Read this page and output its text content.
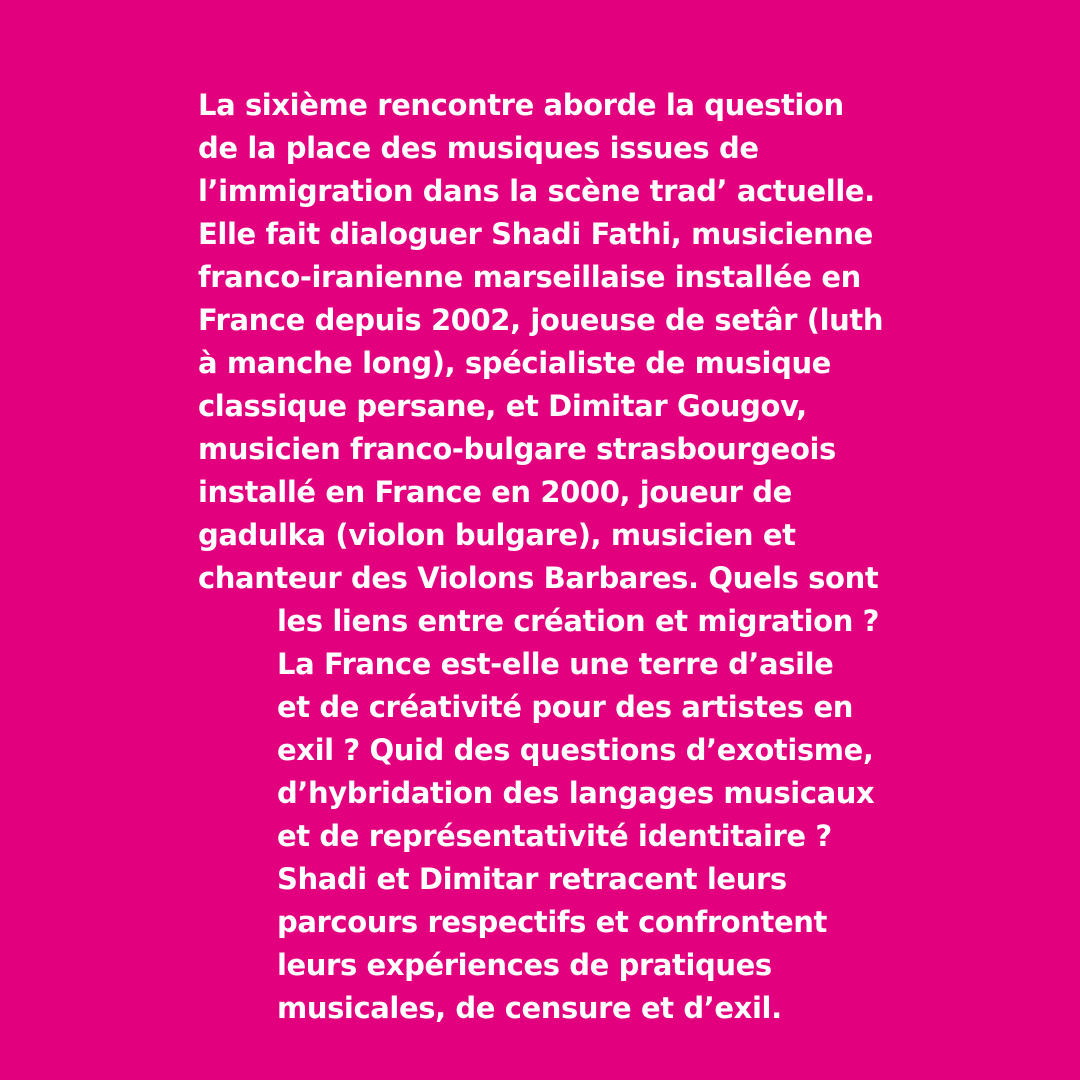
La sixième rencontre aborde la question
de la place des musiques issues de
l’immigration dans la scène trad’ actuelle.
Elle fait dialoguer Shadi Fathi, musicienne
franco-iranienne marseillaise installée en
France depuis 2002, joueuse de setâr (luth
à manche long), spécialiste de musique
classique persane, et Dimitar Gougov,
musicien franco-bulgare strasbourgeois
installé en France en 2000, joueur de
gadulka (violon bulgare), musicien et
chanteur des Violons Barbares. Quels sont
les liens entre création et migration ?
La France est-elle une terre d’asile
et de créativité pour des artistes en
exil ? Quid des questions d’exotisme,
d’hybridation des langages musicaux
et de représentativité identitaire ?
Shadi et Dimitar retracent leurs
parcours respectifs et confrontent
leurs expériences de pratiques
musicales, de censure et d’exil.
